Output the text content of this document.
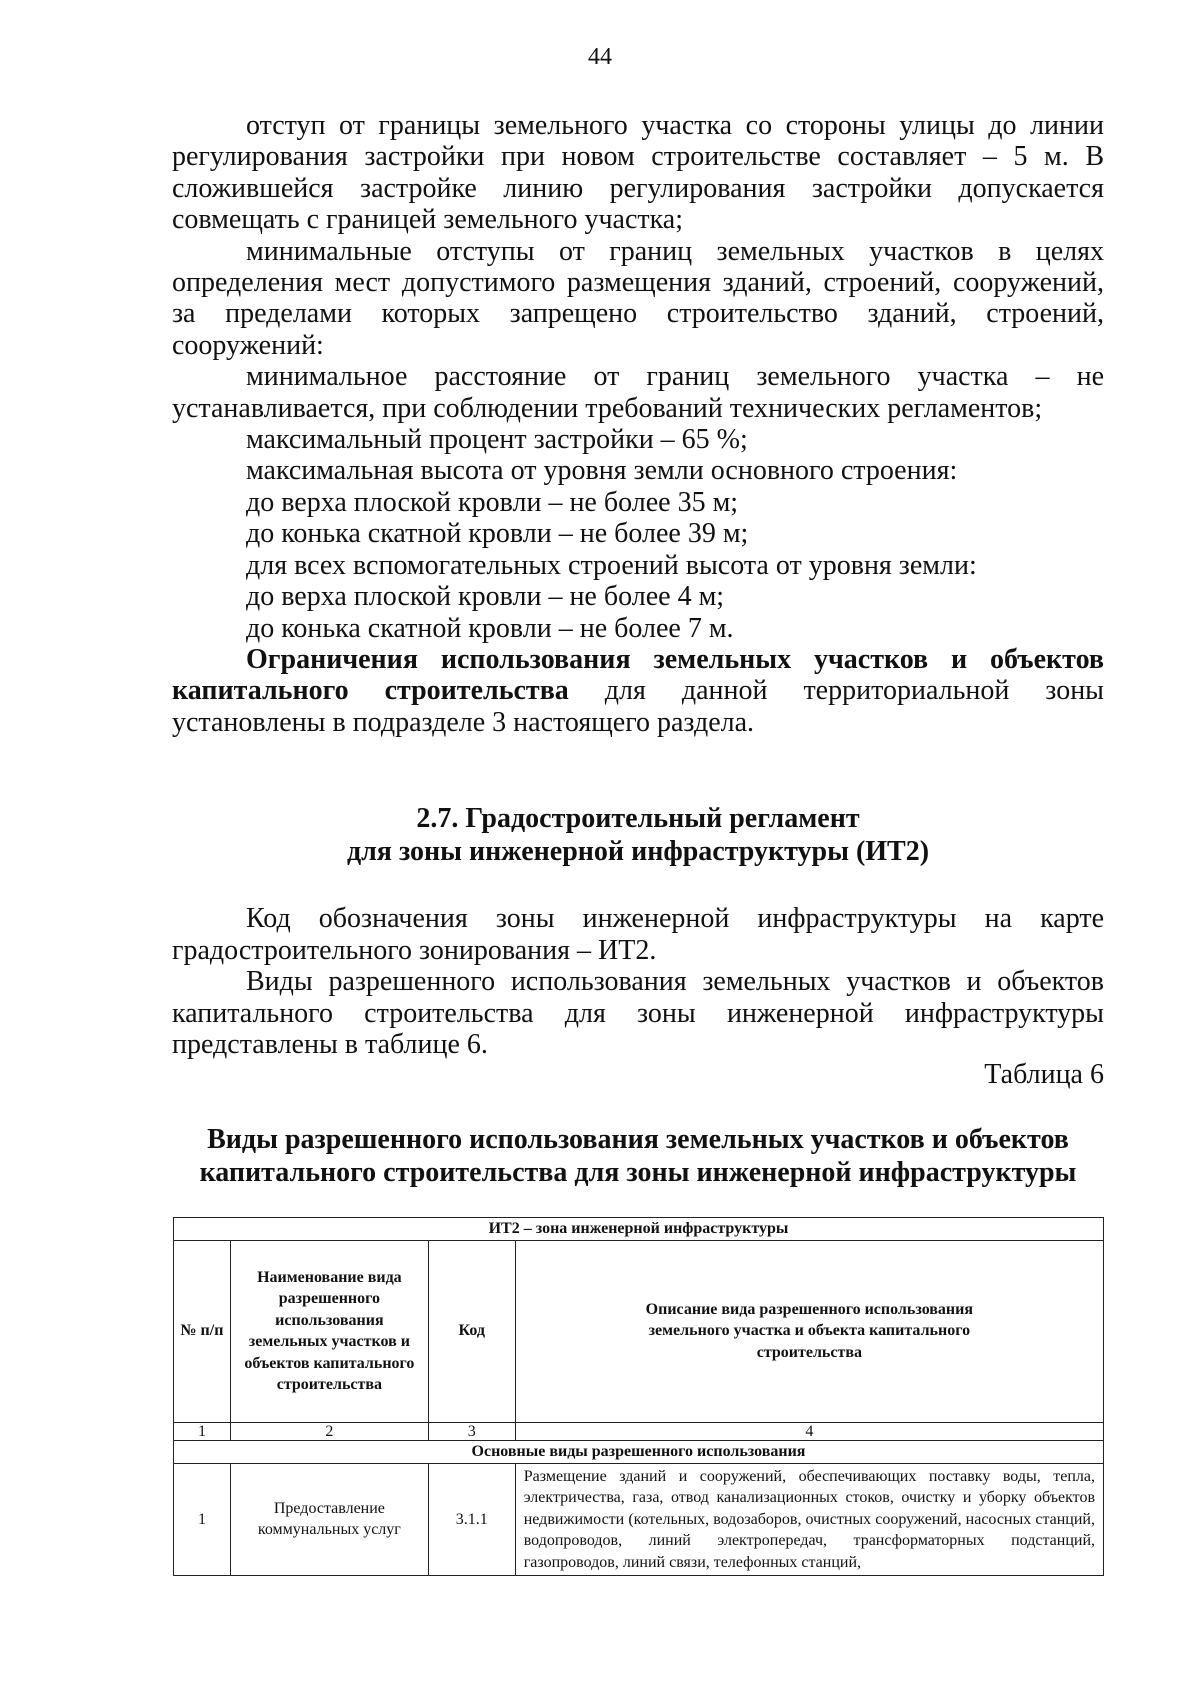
44

отступ от границы земельного участка со стороны улицы до линии регулирования застройки при новом строительстве составляет – 5 м. В сложившейся застройке линию регулирования застройки допускается совмещать с границей земельного участка;

минимальные отступы от границ земельных участков в целях определения мест допустимого размещения зданий, строений, сооружений, за пределами которых запрещено строительство зданий, строений, сооружений:

минимальное расстояние от границ земельного участка – не устанавливается, при соблюдении требований технических регламентов;

максимальный процент застройки – 65 %;

максимальная высота от уровня земли основного строения:

до верха плоской кровли – не более 35 м;

до конька скатной кровли – не более 39 м;

для всех вспомогательных строений высота от уровня земли:

до верха плоской кровли – не более 4 м;

до конька скатной кровли – не более 7 м.

Ограничения использования земельных участков и объектов капитального строительства для данной территориальной зоны установлены в подразделе 3 настоящего раздела.

2.7. Градостроительный регламент
для зоны инженерной инфраструктуры (ИТ2)

Код обозначения зоны инженерной инфраструктуры на карте градостроительного зонирования – ИТ2.

Виды разрешенного использования земельных участков и объектов капитального строительства для зоны инженерной инфраструктуры представлены в таблице 6.

Таблица 6
Виды разрешенного использования земельных участков и объектов
капитального строительства для зоны инженерной инфраструктуры
ИТ2 – зона инженерной инфраструктуры			
№ п/п	Наименование вида разрешенного использования земельных участков и объектов капитального строительства	Код	Описание вида разрешенного использования земельного участка и объекта капитального строительства
1	2	3	4
Основные виды разрешенного использования			
1	Предоставление коммунальных услуг	3.1.1	Размещение зданий и сооружений, обеспечивающих поставку воды, тепла, электричества, газа, отвод канализационных стоков, очистку и уборку объектов недвижимости (котельных, водозаборов, очистных сооружений, насосных станций, водопроводов, линий электропередач, трансформаторных подстанций, газопроводов, линий связи, телефонных станций,
